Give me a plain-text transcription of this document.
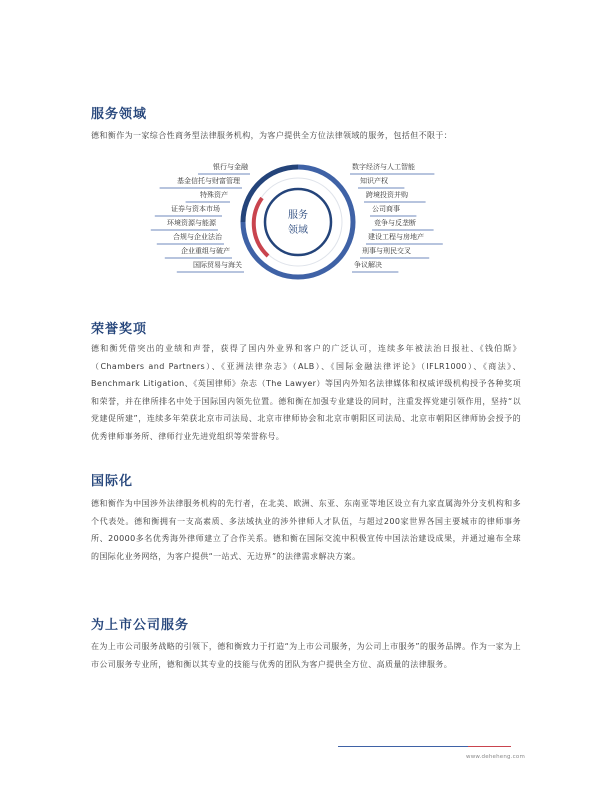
服务领域

德和衡作为一家综合性商务型法律服务机构，为客户提供全方位法律领域的服务，包括但不限于：

服务
领域
银行与金融
基金信托与财富管理
特殊资产
证券与资本市场
环境资源与能源
合规与企业法治
企业重组与破产
国际贸易与海关
数字经济与人工智能
知识产权
跨境投资并购
公司商事
竞争与反垄断
建设工程与房地产
刑事与刑民交叉
争议解决
荣誉奖项

德和衡凭借突出的业绩和声誉，获得了国内外业界和客户的广泛认可，连续多年被法治日报社、《钱伯斯》（Chambers and Partners）、《亚洲法律杂志》（ALB）、《国际金融法律评论》（IFLR1000）、《商法》、Benchmark Litigation、《英国律师》杂志（The Lawyer）等国内外知名法律媒体和权威评级机构授予各种奖项和荣誉，并在律所排名中处于国际国内领先位置。德和衡在加强专业建设的同时，注重发挥党建引领作用，坚持“以党建促所建”，连续多年荣获北京市司法局、北京市律师协会和北京市朝阳区司法局、北京市朝阳区律师协会授予的优秀律师事务所、律师行业先进党组织等荣誉称号。

国际化

德和衡作为中国涉外法律服务机构的先行者，在北美、欧洲、东亚、东南亚等地区设立有九家直属海外分支机构和多个代表处。德和衡拥有一支高素质、多法域执业的涉外律师人才队伍，与超过200家世界各国主要城市的律师事务所、20000多名优秀海外律师建立了合作关系。德和衡在国际交流中积极宣传中国法治建设成果，并通过遍布全球的国际化业务网络，为客户提供“一站式、无边界”的法律需求解决方案。

为上市公司服务

在为上市公司服务战略的引领下，德和衡致力于打造“为上市公司服务，为公司上市服务”的服务品牌。作为一家为上市公司服务专业所，德和衡以其专业的技能与优秀的团队为客户提供全方位、高质量的法律服务。

www.deheheng.com
